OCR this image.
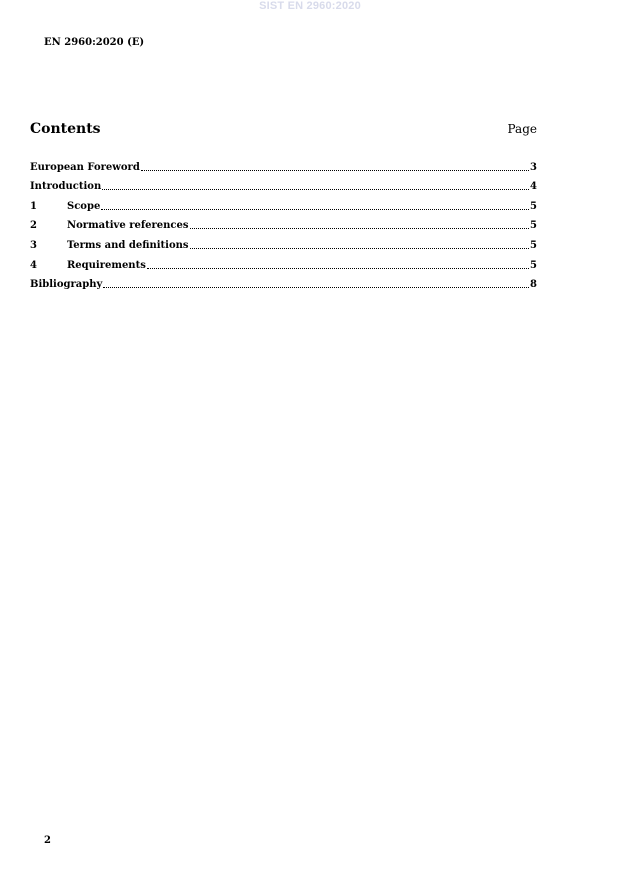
SIST EN 2960:2020
EN 2960:2020 (E)
Contents	Page
European Foreword	3
Introduction	4
1	Scope	5
2	Normative references	5
3	Terms and definitions	5
4	Requirements	5
Bibliography	8
2
